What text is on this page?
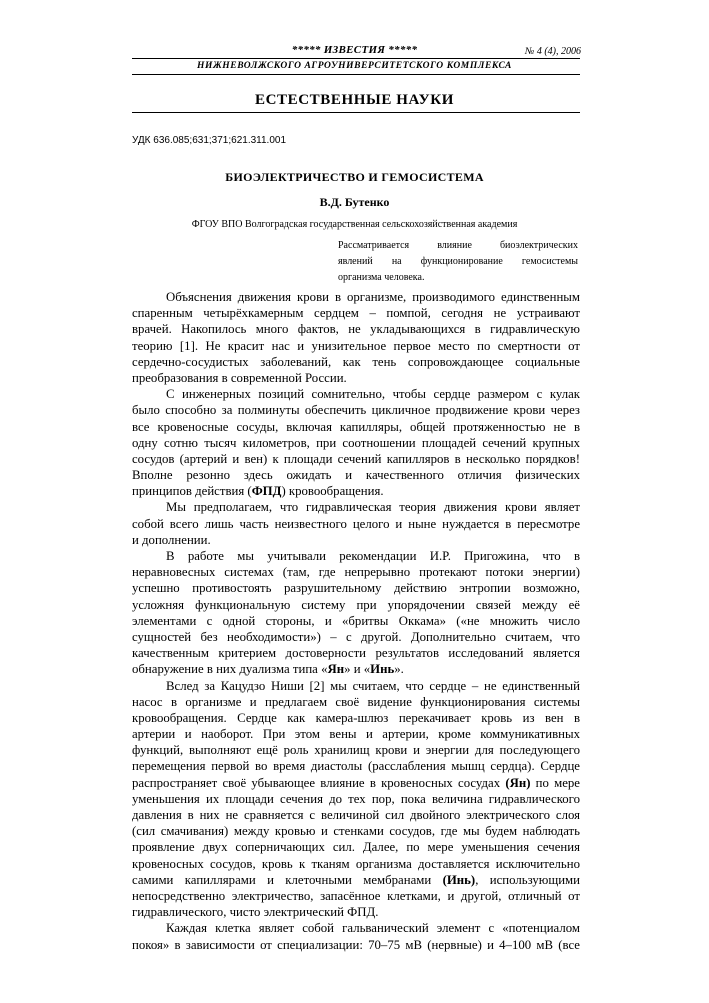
***** ИЗВЕСТИЯ *****	№ 4 (4), 2006
НИЖНЕВОЛЖСКОГО АГРОУНИВЕРСИТЕТСКОГО КОМПЛЕКСА
ЕСТЕСТВЕННЫЕ НАУКИ
УДК 636.085;631;371;621.311.001
БИОЭЛЕКТРИЧЕСТВО И ГЕМОСИСТЕМА
В.Д. Бутенко
ФГОУ ВПО Волгоградская государственная сельскохозяйственная академия
Рассматривается влияние биоэлектрических
явлений на функционирование гемосистемы
организма человека.
Объяснения движения крови в организме, производимого единственным
спаренным четырёхкамерным сердцем – помпой, сегодня не устраивают
врачей. Накопилось много фактов, не укладывающихся в гидравлическую
теорию [1]. Не красит нас и унизительное первое место по смертности от
сердечно-сосудистых заболеваний, как тень сопровождающее социальные
преобразования в современной России.
С инженерных позиций сомнительно, чтобы сердце размером с кулак
было способно за полминуты обеспечить цикличное продвижение крови через
все кровеносные сосуды, включая капилляры, общей протяженностью не в
одну сотню тысяч километров, при соотношении площадей сечений крупных
сосудов (артерий и вен) к площади сечений капилляров в несколько порядков!
Вполне резонно здесь ожидать и качественного отличия физических
принципов действия (ФПД) кровообращения.
Мы предполагаем, что гидравлическая теория движения крови являет
собой всего лишь часть неизвестного целого и ныне нуждается в пересмотре
и дополнении.
В работе мы учитывали рекомендации И.Р. Пригожина, что в
неравновесных системах (там, где непрерывно протекают потоки энергии)
успешно противостоять разрушительному действию энтропии возможно,
усложняя функциональную систему при упорядочении связей между её
элементами с одной стороны, и «бритвы Оккама» («не множить число
сущностей без необходимости») – с другой. Дополнительно считаем, что
качественным критерием достоверности результатов исследований является
обнаружение в них дуализма типа «Ян» и «Инь».
Вслед за Кацудзо Ниши [2] мы считаем, что сердце – не единственный
насос в организме и предлагаем своё видение функционирования системы
кровообращения. Сердце как камера-шлюз перекачивает кровь из вен в
артерии и наоборот. При этом вены и артерии, кроме коммуникативных
функций, выполняют ещё роль хранилищ крови и энергии для последующего
перемещения первой во время диастолы (расслабления мышц сердца). Сердце
распространяет своё убывающее влияние в кровеносных сосудах (Ян) по мере
уменьшения их площади сечения до тех пор, пока величина гидравлического
давления в них не сравняется с величиной сил двойного электрического слоя
(сил смачивания) между кровью и стенками сосудов, где мы будем наблюдать
проявление двух соперничающих сил. Далее, по мере уменьшения сечения
кровеносных сосудов, кровь к тканям организма доставляется исключительно
самими капиллярами и клеточными мембранами (Инь), использующими
непосредственно электричество, запасённое клетками, и другой, отличный от
гидравлического, чисто электрический ФПД.
Каждая клетка являет собой гальванический элемент с «потенциалом
покоя» в зависимости от специализации: 70–75 мВ (нервные) и 4–100 мВ (все
